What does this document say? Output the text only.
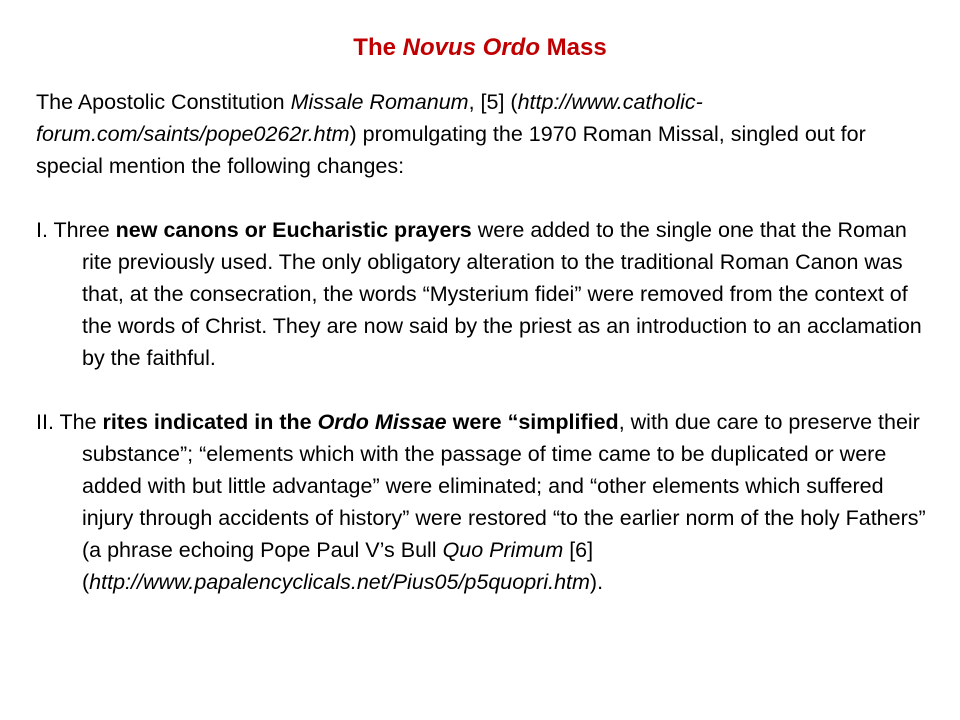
The Novus Ordo Mass

The Apostolic Constitution Missale Romanum, [5] (http://www.catholic-forum.com/saints/pope0262r.htm) promulgating the 1970 Roman Missal, singled out for special mention the following changes:

I. Three new canons or Eucharistic prayers were added to the single one that the Roman rite previously used. The only obligatory alteration to the traditional Roman Canon was that, at the consecration, the words “Mysterium fidei” were removed from the context of the words of Christ. They are now said by the priest as an introduction to an acclamation by the faithful.

II. The rites indicated in the Ordo Missae were “simplified, with due care to preserve their substance”; “elements which with the passage of time came to be duplicated or were added with but little advantage” were eliminated; and “other elements which suffered injury through accidents of history” were restored “to the earlier norm of the holy Fathers” (a phrase echoing Pope Paul V’s Bull Quo Primum [6] (http://www.papalencyclicals.net/Pius05/p5quopri.htm).
